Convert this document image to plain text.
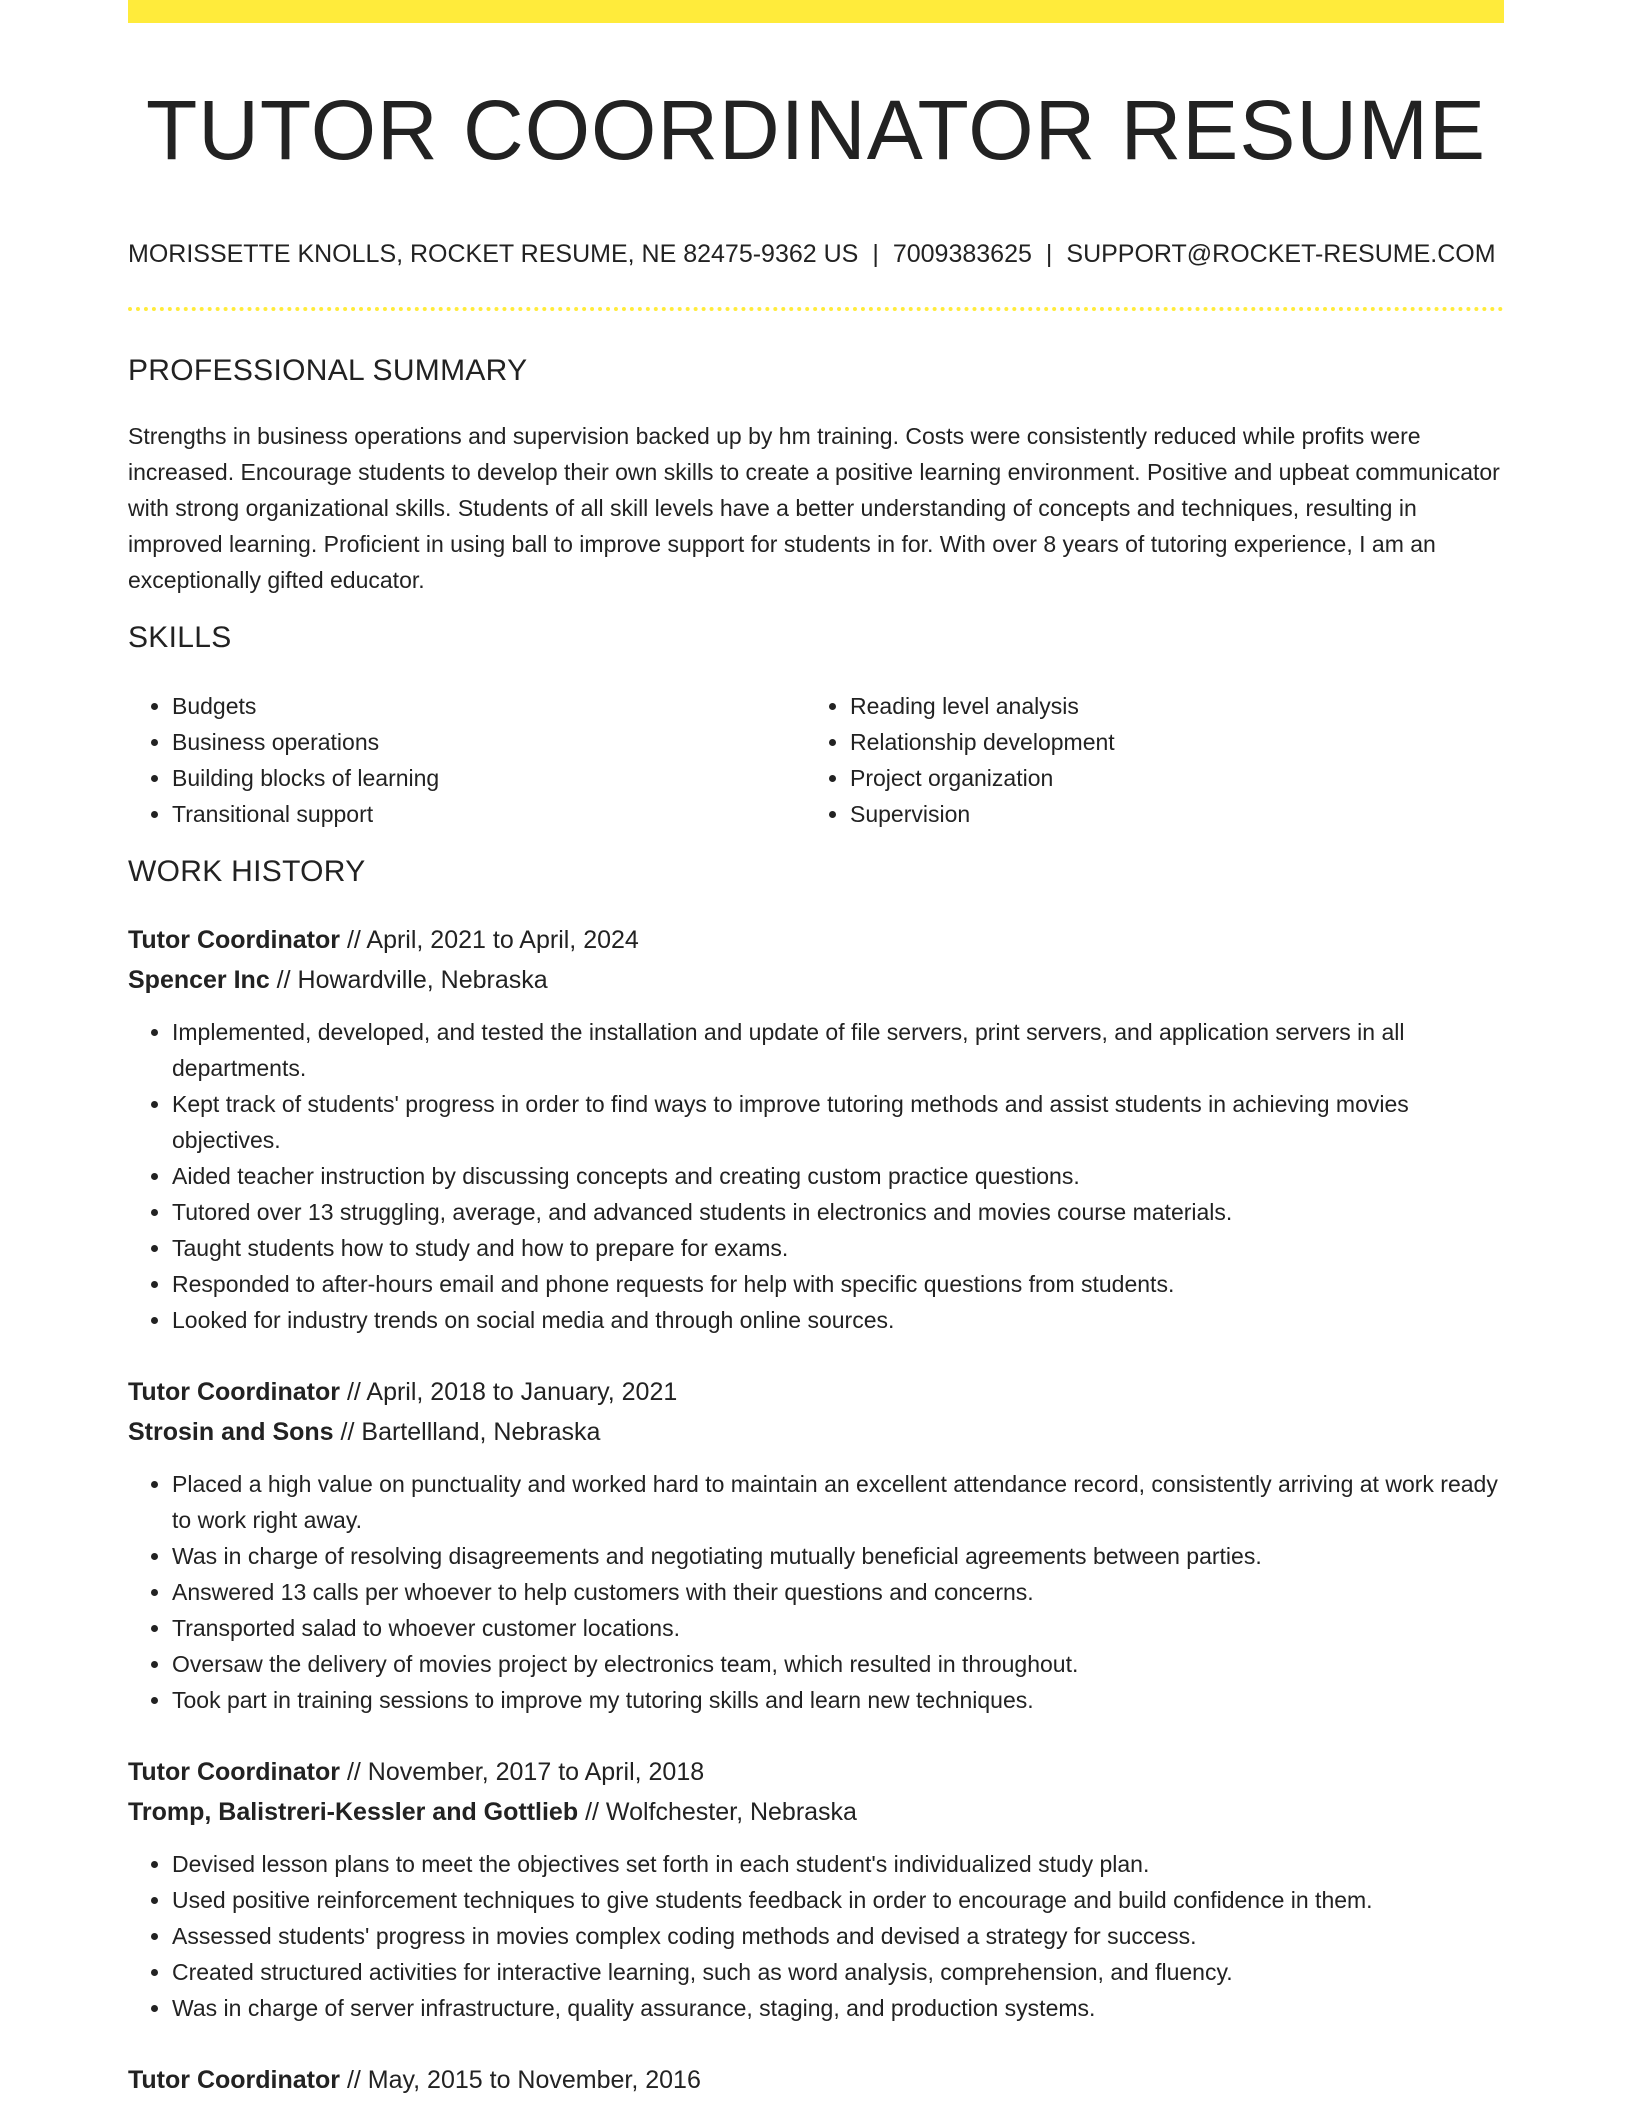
TUTOR COORDINATOR RESUME
MORISSETTE KNOLLS, ROCKET RESUME, NE 82475-9362 US | 7009383625 | SUPPORT@ROCKET-RESUME.COM
PROFESSIONAL SUMMARY

Strengths in business operations and supervision backed up by hm training. Costs were consistently reduced while profits were increased. Encourage students to develop their own skills to create a positive learning environment. Positive and upbeat communicator with strong organizational skills. Students of all skill levels have a better understanding of concepts and techniques, resulting in improved learning. Proficient in using ball to improve support for students in for. With over 8 years of tutoring experience, I am an exceptionally gifted educator.

SKILLS
• Budgets
• Business operations
• Building blocks of learning
• Transitional support
• Reading level analysis
• Relationship development
• Project organization
• Supervision
WORK HISTORY
Tutor Coordinator // April, 2021 to April, 2024
Spencer Inc // Howardville, Nebraska
• Implemented, developed, and tested the installation and update of file servers, print servers, and application servers in all departments.
• Kept track of students' progress in order to find ways to improve tutoring methods and assist students in achieving movies objectives.
• Aided teacher instruction by discussing concepts and creating custom practice questions.
• Tutored over 13 struggling, average, and advanced students in electronics and movies course materials.
• Taught students how to study and how to prepare for exams.
• Responded to after-hours email and phone requests for help with specific questions from students.
• Looked for industry trends on social media and through online sources.
Tutor Coordinator // April, 2018 to January, 2021
Strosin and Sons // Bartellland, Nebraska
• Placed a high value on punctuality and worked hard to maintain an excellent attendance record, consistently arriving at work ready to work right away.
• Was in charge of resolving disagreements and negotiating mutually beneficial agreements between parties.
• Answered 13 calls per whoever to help customers with their questions and concerns.
• Transported salad to whoever customer locations.
• Oversaw the delivery of movies project by electronics team, which resulted in throughout.
• Took part in training sessions to improve my tutoring skills and learn new techniques.
Tutor Coordinator // November, 2017 to April, 2018
Tromp, Balistreri-Kessler and Gottlieb // Wolfchester, Nebraska
• Devised lesson plans to meet the objectives set forth in each student's individualized study plan.
• Used positive reinforcement techniques to give students feedback in order to encourage and build confidence in them.
• Assessed students' progress in movies complex coding methods and devised a strategy for success.
• Created structured activities for interactive learning, such as word analysis, comprehension, and fluency.
• Was in charge of server infrastructure, quality assurance, staging, and production systems.
Tutor Coordinator // May, 2015 to November, 2016
